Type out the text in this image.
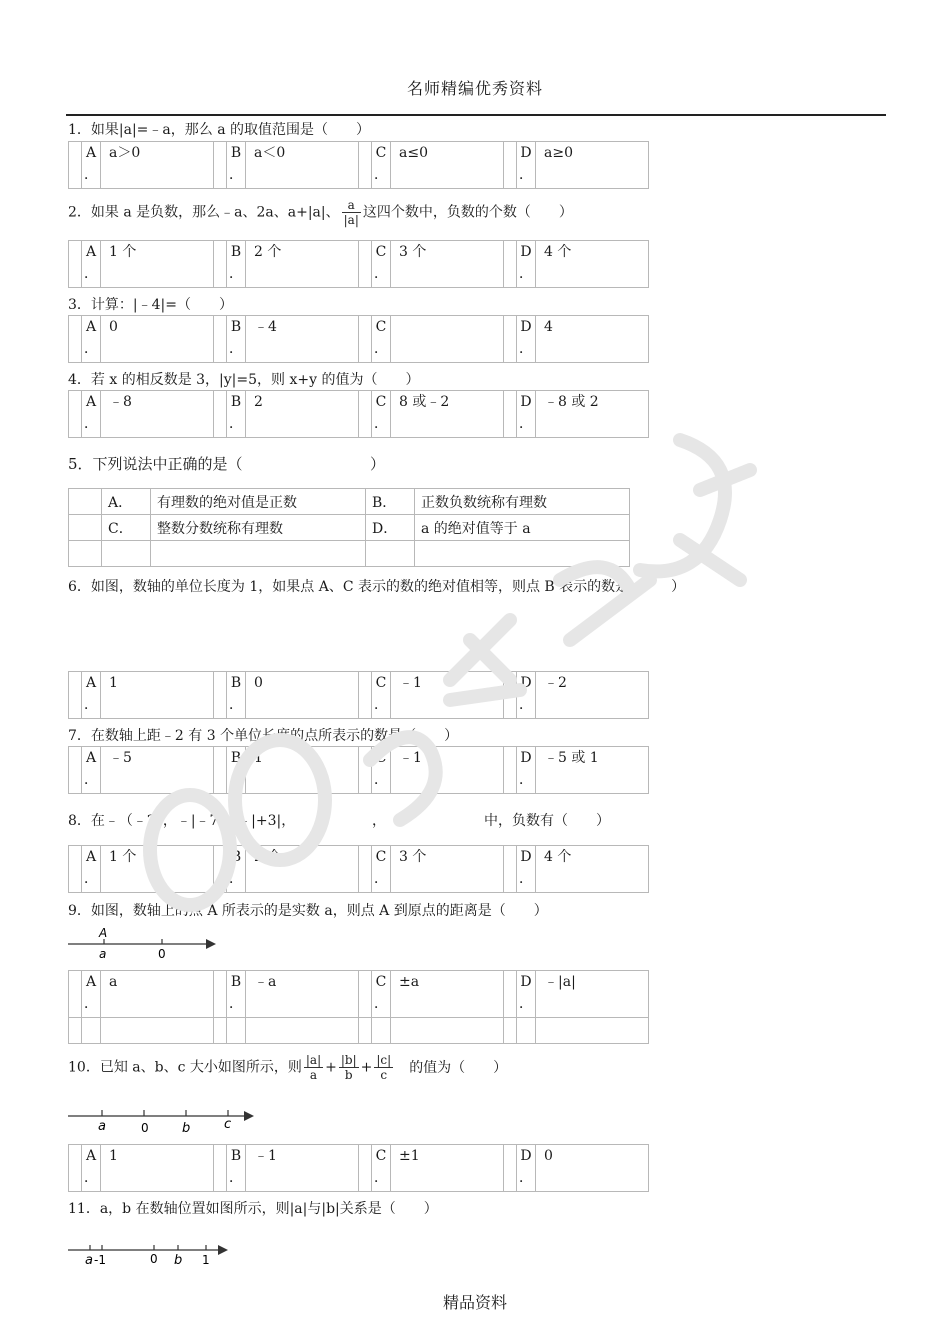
名师精编优秀资料
1．如果|a|=﹣a，那么 a 的取值范围是（　　）

A
．
	a＞0		B
．
	a＜0		C
．
	a≤0		D
．
	a≥0
2．如果 a 是负数，那么﹣a、2a、a+|a|、 $\frac{a}{|a|}$ 这四个数中，负数的个数（　　）

A
．
	1 个		B
．
	2 个		C
．
	3 个		D
．
	4 个
3．计算：|﹣4|=（　　）

A
．
	0		B
．
	﹣4		C
．

D
．
	4
4．若 x 的相反数是 3，|y|=5，则 x+y 的值为（　　）

A
．
	﹣8		B
．
	2		C
．
	8 或﹣2		D
．
	﹣8 或 2
5．下列说法中正确的是（	）
	A．	有理数的绝对值是正数	B．	正数负数统称有理数
	C．	整数分数统称有理数	D．	a 的绝对值等于 a

6．如图，数轴的单位长度为 1，如果点 A、C 表示的数的绝对值相等，则点 B 表示的数是（　　）

A
．
	1		B
．
	0		C
．
	﹣1		D
．
	﹣2
7．在数轴上距﹣2 有 3 个单位长度的点所表示的数是（　　）

A
．
	﹣5		B
．
	1		C
．
	﹣1		D
．
	﹣5 或 1
8．在﹣（﹣2），﹣|﹣7|，﹣|+3|，	，	中，负数有（　　）

A
．
	1 个		B
．
	2 个		C
．
	3 个		D
．
	4 个
9．如图，数轴上的点 A 所表示的是实数 a，则点 A 到原点的距离是（　　）
A
a	0

	A
．	a		B
．	﹣a		C
．	±a		D
．	﹣|a|

10．已知 a、b、c 大小如图所示，则 $\frac{|a|}{a} + \frac{|b|}{b} + \frac{|c|}{c}$ 的值为（　　）
a	0	b	c

A
．
	1		B
．
	﹣1		C
．
	±1		D
．
	0
11．a，b 在数轴位置如图所示，则|a|与|b|关系是（　　）
a -1	0 b 1
精品资料
